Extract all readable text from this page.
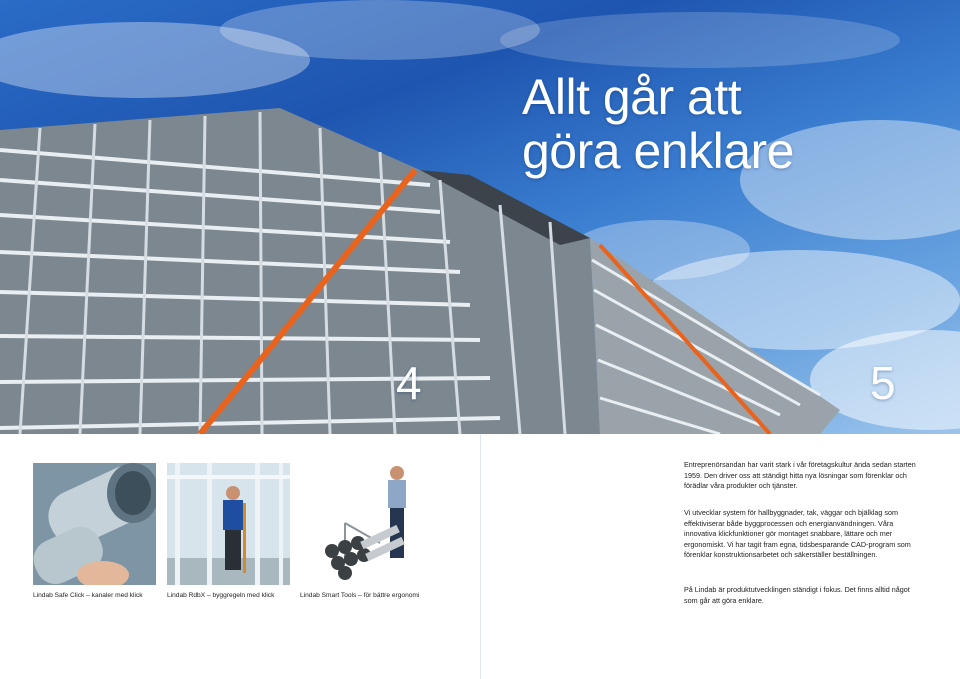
Allt går att
göra enklare
4	5
Lindab Safe Click – kanaler med klick	Lindab RdbX – byggregeln med klick	Lindab Smart Tools – för bättre ergonomi

Entreprenörsandan har varit stark i vår företagskultur ända sedan starten 1959. Den driver oss att ständigt hitta nya lösningar som förenklar och förädlar våra produkter och tjänster.

Vi utvecklar system för hallbyggnader, tak, väggar och bjälklag som effektiviserar både byggprocessen och energianvändningen. Våra innovativa klickfunktioner gör montaget snabbare, lättare och mer ergonomiskt. Vi har tagit fram egna, tidsbesparande CAD-program som förenklar konstruktionsarbetet och säkerställer beställningen.

På Lindab är produktutvecklingen ständigt i fokus. Det finns alltid något som går att göra enklare.
